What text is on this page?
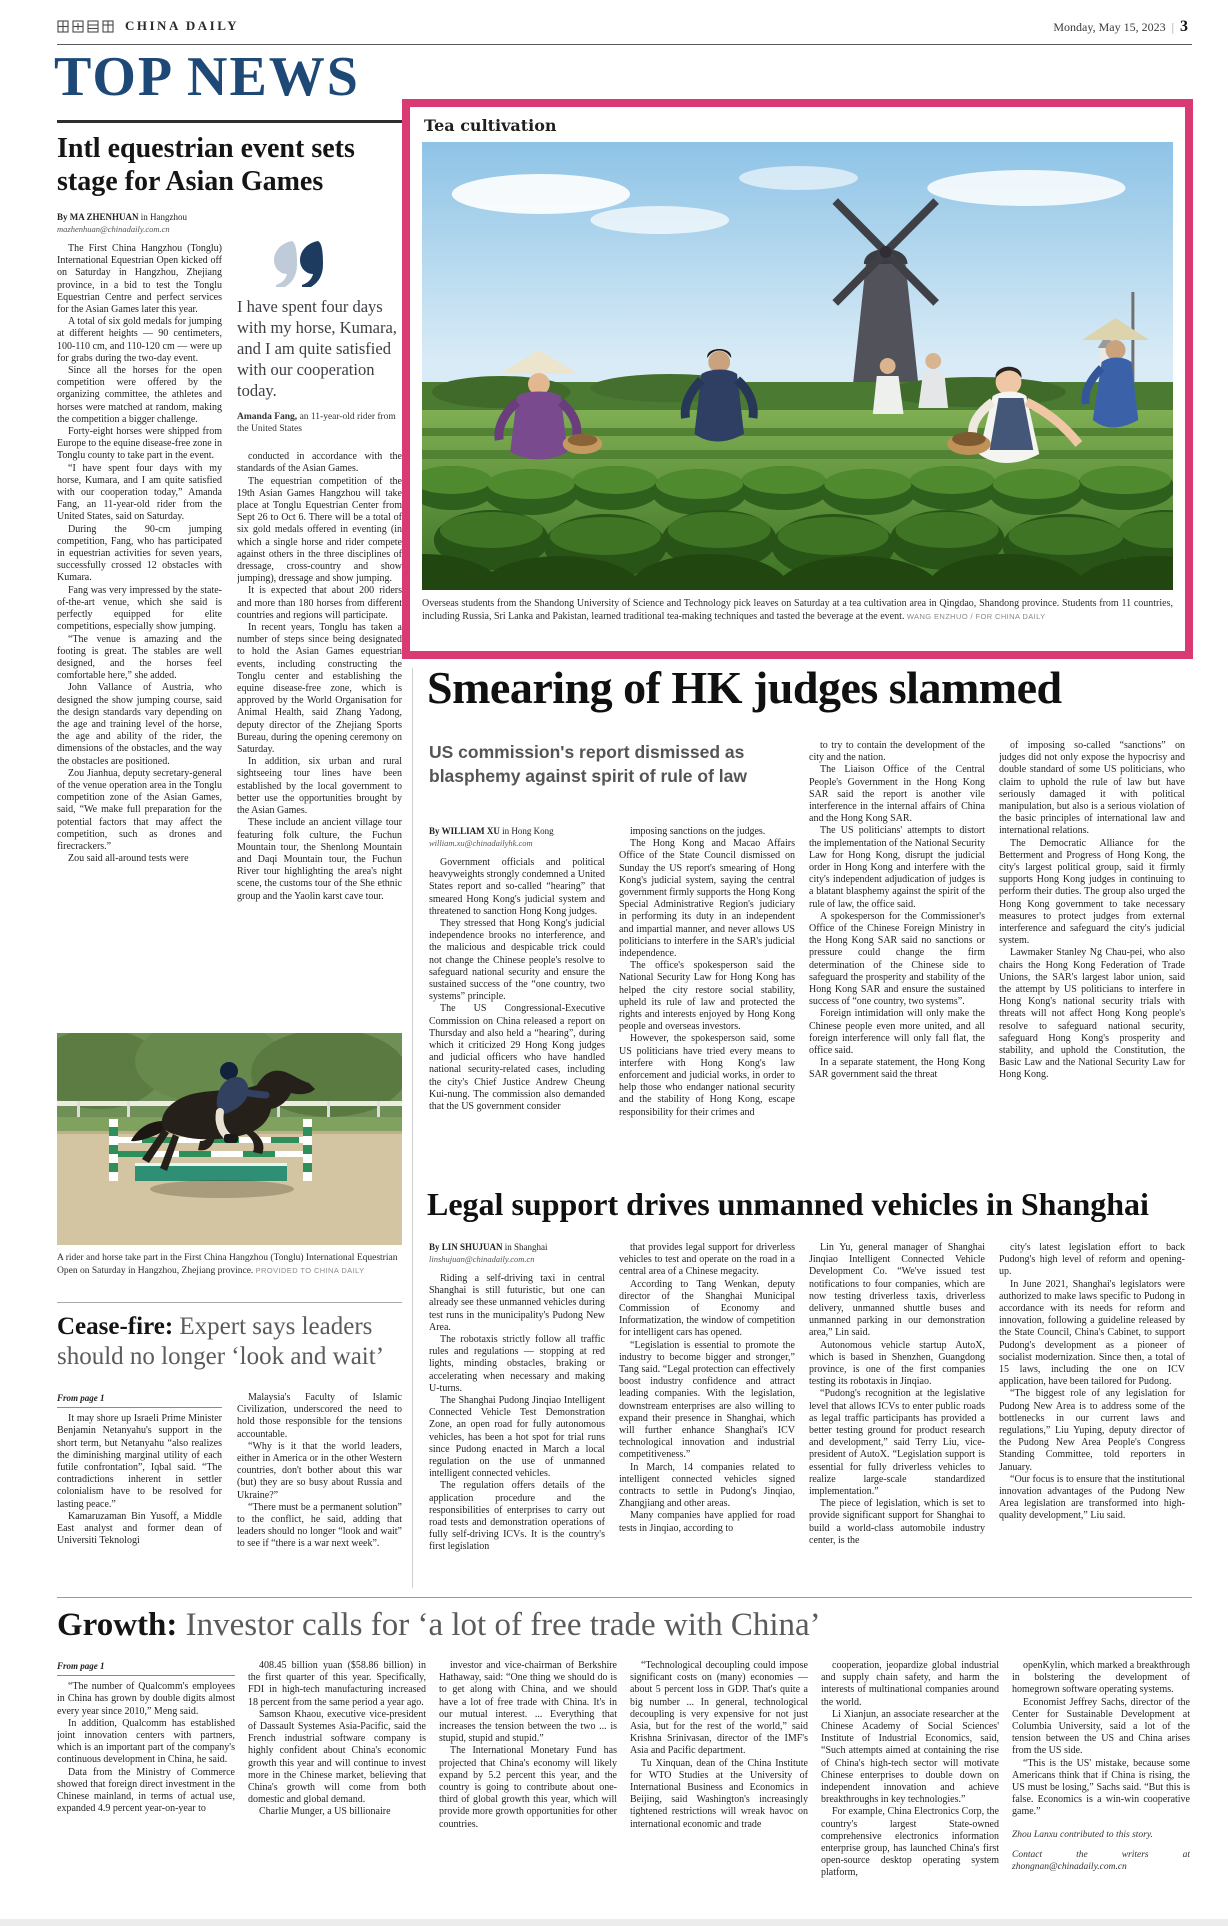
CHINA DAILY	Monday, May 15, 2023 | 3
TOP NEWS
Intl equestrian event sets stage for Asian Games
By MA ZHENHUAN in Hangzhou
mazhenhuan@chinadaily.com.cn

The First China Hangzhou (Tonglu) International Equestrian Open kicked off on Saturday in Hangzhou, Zhejiang province, in a bid to test the Tonglu Equestrian Centre and perfect services for the Asian Games later this year.

A total of six gold medals for jumping at different heights — 90 centimeters, 100-110 cm, and 110-120 cm — were up for grabs during the two-day event.

Since all the horses for the open competition were offered by the organizing committee, the athletes and horses were matched at random, making the competition a bigger challenge.

Forty-eight horses were shipped from Europe to the equine disease-free zone in Tonglu county to take part in the event.

“I have spent four days with my horse, Kumara, and I am quite satisfied with our cooperation today,” Amanda Fang, an 11-year-old rider from the United States, said on Saturday.

During the 90-cm jumping competition, Fang, who has participated in equestrian activities for seven years, successfully crossed 12 obstacles with Kumara.

Fang was very impressed by the state-of-the-art venue, which she said is perfectly equipped for elite competitions, especially show jumping.

“The venue is amazing and the footing is great. The stables are well designed, and the horses feel comfortable here,” she added.

John Vallance of Austria, who designed the show jumping course, said the design standards vary depending on the age and training level of the horse, the age and ability of the rider, the dimensions of the obstacles, and the way the obstacles are positioned.

Zou Jianhua, deputy secretary-general of the venue operation area in the Tonglu competition zone of the Asian Games, said, “We make full preparation for the potential factors that may affect the competition, such as drones and firecrackers.”

Zou said all-around tests were

I have spent four days with my horse, Kumara, and I am quite satisfied with our cooperation today.
Amanda Fang, an 11-year-old rider from the United States

conducted in accordance with the standards of the Asian Games.

The equestrian competition of the 19th Asian Games Hangzhou will take place at Tonglu Equestrian Center from Sept 26 to Oct 6. There will be a total of six gold medals offered in eventing (in which a single horse and rider compete against others in the three disciplines of dressage, cross-country and show jumping), dressage and show jumping.

It is expected that about 200 riders and more than 180 horses from different countries and regions will participate.

In recent years, Tonglu has taken a number of steps since being designated to hold the Asian Games equestrian events, including constructing the Tonglu center and establishing the equine disease-free zone, which is approved by the World Organisation for Animal Health, said Zhang Yadong, deputy director of the Zhejiang Sports Bureau, during the opening ceremony on Saturday.

In addition, six urban and rural sightseeing tour lines have been established by the local government to better use the opportunities brought by the Asian Games.

These include an ancient village tour featuring folk culture, the Fuchun Mountain tour, the Shenlong Mountain and Daqi Mountain tour, the Fuchun River tour highlighting the area's night scene, the customs tour of the She ethnic group and the Yaolin karst cave tour.

A rider and horse take part in the First China Hangzhou (Tonglu) International Equestrian Open on Saturday in Hangzhou, Zhejiang province. PROVIDED TO CHINA DAILY
Cease-fire: Expert says leaders should no longer ‘look and wait’
From page 1

It may shore up Israeli Prime Minister Benjamin Netanyahu's support in the short term, but Netanyahu “also realizes the diminishing marginal utility of each futile confrontation”, Iqbal said. “The contradictions inherent in settler colonialism have to be resolved for lasting peace.”

Kamaruzaman Bin Yusoff, a Middle East analyst and former dean of Universiti Teknologi

Malaysia's Faculty of Islamic Civilization, underscored the need to hold those responsible for the tensions accountable.

“Why is it that the world leaders, either in America or in the other Western countries, don't bother about this war (but) they are so busy about Russia and Ukraine?”

“There must be a permanent solution” to the conflict, he said, adding that leaders should no longer “look and wait” to see if “there is a war next week”.

Tea cultivation
Overseas students from the Shandong University of Science and Technology pick leaves on Saturday at a tea cultivation area in Qingdao, Shandong province. Students from 11 countries, including Russia, Sri Lanka and Pakistan, learned traditional tea-making techniques and tasted the beverage at the event. WANG ENZHUO / FOR CHINA DAILY
Smearing of HK judges slammed
US commission's report dismissed as blasphemy against spirit of rule of law
By WILLIAM XU in Hong Kong
william.xu@chinadailyhk.com

Government officials and political heavyweights strongly condemned a United States report and so-called “hearing” that smeared Hong Kong's judicial system and threatened to sanction Hong Kong judges.

They stressed that Hong Kong's judicial independence brooks no interference, and the malicious and despicable trick could not change the Chinese people's resolve to safeguard national security and ensure the sustained success of the “one country, two systems” principle.

The US Congressional-Executive Commission on China released a report on Thursday and also held a “hearing”, during which it criticized 29 Hong Kong judges and judicial officers who have handled national security-related cases, including the city's Chief Justice Andrew Cheung Kui-nung. The commission also demanded that the US government consider

imposing sanctions on the judges.

The Hong Kong and Macao Affairs Office of the State Council dismissed on Sunday the US report's smearing of Hong Kong's judicial system, saying the central government firmly supports the Hong Kong Special Administrative Region's judiciary in performing its duty in an independent and impartial manner, and never allows US politicians to interfere in the SAR's judicial independence.

The office's spokesperson said the National Security Law for Hong Kong has helped the city restore social stability, upheld its rule of law and protected the rights and interests enjoyed by Hong Kong people and overseas investors.

However, the spokesperson said, some US politicians have tried every means to interfere with Hong Kong's law enforcement and judicial works, in order to help those who endanger national security and the stability of Hong Kong, escape responsibility for their crimes and

to try to contain the development of the city and the nation.

The Liaison Office of the Central People's Government in the Hong Kong SAR said the report is another vile interference in the internal affairs of China and the Hong Kong SAR.

The US politicians' attempts to distort the implementation of the National Security Law for Hong Kong, disrupt the judicial order in Hong Kong and interfere with the city's independent adjudication of judges is a blatant blasphemy against the spirit of the rule of law, the office said.

A spokesperson for the Commissioner's Office of the Chinese Foreign Ministry in the Hong Kong SAR said no sanctions or pressure could change the firm determination of the Chinese side to safeguard the prosperity and stability of the Hong Kong SAR and ensure the sustained success of “one country, two systems”.

Foreign intimidation will only make the Chinese people even more united, and all foreign interference will only fall flat, the office said.

In a separate statement, the Hong Kong SAR government said the threat

of imposing so-called “sanctions” on judges did not only expose the hypocrisy and double standard of some US politicians, who claim to uphold the rule of law but have seriously damaged it with political manipulation, but also is a serious violation of the basic principles of international law and international relations.

The Democratic Alliance for the Betterment and Progress of Hong Kong, the city's largest political group, said it firmly supports Hong Kong judges in continuing to perform their duties. The group also urged the Hong Kong government to take necessary measures to protect judges from external interference and safeguard the city's judicial system.

Lawmaker Stanley Ng Chau-pei, who also chairs the Hong Kong Federation of Trade Unions, the SAR's largest labor union, said the attempt by US politicians to interfere in Hong Kong's national security trials with threats will not affect Hong Kong people's resolve to safeguard national security, safeguard Hong Kong's prosperity and stability, and uphold the Constitution, the Basic Law and the National Security Law for Hong Kong.

Legal support drives unmanned vehicles in Shanghai
By LIN SHUJUAN in Shanghai
linshujuan@chinadaily.com.cn

Riding a self-driving taxi in central Shanghai is still futuristic, but one can already see these unmanned vehicles during test runs in the municipality's Pudong New Area.

The robotaxis strictly follow all traffic rules and regulations — stopping at red lights, minding obstacles, braking or accelerating when necessary and making U-turns.

The Shanghai Pudong Jinqiao Intelligent Connected Vehicle Test Demonstration Zone, an open road for fully autonomous vehicles, has been a hot spot for trial runs since Pudong enacted in March a local regulation on the use of unmanned intelligent connected vehicles.

The regulation offers details of the application procedure and the responsibilities of enterprises to carry out road tests and demonstration operations of fully self-driving ICVs. It is the country's first legislation

that provides legal support for driverless vehicles to test and operate on the road in a central area of a Chinese megacity.

According to Tang Wenkan, deputy director of the Shanghai Municipal Commission of Economy and Informatization, the window of competition for intelligent cars has opened.

“Legislation is essential to promote the industry to become bigger and stronger,” Tang said. “Legal protection can effectively boost industry confidence and attract leading companies. With the legislation, downstream enterprises are also willing to expand their presence in Shanghai, which will further enhance Shanghai's ICV technological innovation and industrial competitiveness.”

In March, 14 companies related to intelligent connected vehicles signed contracts to settle in Pudong's Jinqiao, Zhangjiang and other areas.

Many companies have applied for road tests in Jinqiao, according to

Lin Yu, general manager of Shanghai Jinqiao Intelligent Connected Vehicle Development Co. “We've issued test notifications to four companies, which are now testing driverless taxis, driverless delivery, unmanned shuttle buses and unmanned parking in our demonstration area,” Lin said.

Autonomous vehicle startup AutoX, which is based in Shenzhen, Guangdong province, is one of the first companies testing its robotaxis in Jinqiao.

“Pudong's recognition at the legislative level that allows ICVs to enter public roads as legal traffic participants has provided a better testing ground for product research and development,” said Terry Liu, vice-president of AutoX. “Legislation support is essential for fully driverless vehicles to realize large-scale standardized implementation.”

The piece of legislation, which is set to provide significant support for Shanghai to build a world-class automobile industry center, is the

city's latest legislation effort to back Pudong's high level of reform and opening-up.

In June 2021, Shanghai's legislators were authorized to make laws specific to Pudong in accordance with its needs for reform and innovation, following a guideline released by the State Council, China's Cabinet, to support Pudong's development as a pioneer of socialist modernization. Since then, a total of 15 laws, including the one on ICV application, have been tailored for Pudong.

“The biggest role of any legislation for Pudong New Area is to address some of the bottlenecks in our current laws and regulations,” Liu Yuping, deputy director of the Pudong New Area People's Congress Standing Committee, told reporters in January.

“Our focus is to ensure that the institutional innovation advantages of the Pudong New Area legislation are transformed into high-quality development,” Liu said.

Growth: Investor calls for ‘a lot of free trade with China’
From page 1

“The number of Qualcomm's employees in China has grown by double digits almost every year since 2010,” Meng said.

In addition, Qualcomm has established joint innovation centers with partners, which is an important part of the company's continuous development in China, he said.

Data from the Ministry of Commerce showed that foreign direct investment in the Chinese mainland, in terms of actual use, expanded 4.9 percent year-on-year to

408.45 billion yuan ($58.86 billion) in the first quarter of this year. Specifically, FDI in high-tech manufacturing increased 18 percent from the same period a year ago.

Samson Khaou, executive vice-president of Dassault Systemes Asia-Pacific, said the French industrial software company is highly confident about China's economic growth this year and will continue to invest more in the Chinese market, believing that China's growth will come from both domestic and global demand.

Charlie Munger, a US billionaire

investor and vice-chairman of Berkshire Hathaway, said: “One thing we should do is to get along with China, and we should have a lot of free trade with China. It's in our mutual interest. ... Everything that increases the tension between the two ... is stupid, stupid and stupid.”

The International Monetary Fund has projected that China's economy will likely expand by 5.2 percent this year, and the country is going to contribute about one-third of global growth this year, which will provide more growth opportunities for other countries.

“Technological decoupling could impose significant costs on (many) economies — about 5 percent loss in GDP. That's quite a big number ... In general, technological decoupling is very expensive for not just Asia, but for the rest of the world,” said Krishna Srinivasan, director of the IMF's Asia and Pacific department.

Tu Xinquan, dean of the China Institute for WTO Studies at the University of International Business and Economics in Beijing, said Washington's increasingly tightened restrictions will wreak havoc on international economic and trade

cooperation, jeopardize global industrial and supply chain safety, and harm the interests of multinational companies around the world.

Li Xianjun, an associate researcher at the Chinese Academy of Social Sciences' Institute of Industrial Economics, said, “Such attempts aimed at containing the rise of China's high-tech sector will motivate Chinese enterprises to double down on independent innovation and achieve breakthroughs in key technologies.”

For example, China Electronics Corp, the country's largest State-owned comprehensive electronics information enterprise group, has launched China's first open-source desktop operating system platform,

openKylin, which marked a breakthrough in bolstering the development of homegrown software operating systems.

Economist Jeffrey Sachs, director of the Center for Sustainable Development at Columbia University, said a lot of the tension between the US and China arises from the US side.

“This is the US' mistake, because some Americans think that if China is rising, the US must be losing,” Sachs said. “But this is false. Economics is a win-win cooperative game.”

Zhou Lanxu contributed to this story.

Contact the writers at zhongnan@chinadaily.com.cn
